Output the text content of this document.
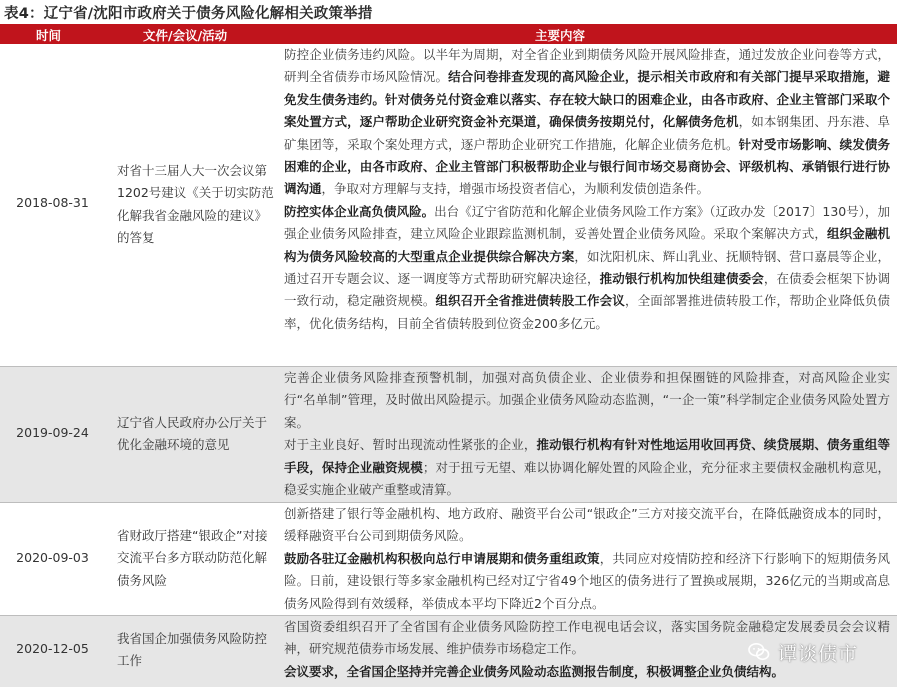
表4：辽宁省/沈阳市政府关于债务风险化解相关政策举措
时间	文件/会议/活动	主要内容
2018-08-31
对省十三届人大一次会议第1202号建议《关于切实防范化解我省金融风险的建议》的答复

防控企业债务违约风险。以半年为周期，对全省企业到期债务风险开展风险排查，通过发放企业问卷等方式，研判全省债券市场风险情况。结合问卷排查发现的高风险企业，提示相关市政府和有关部门提早采取措施，避免发生债务违约。针对债务兑付资金难以落实、存在较大缺口的困难企业，由各市政府、企业主管部门采取个案处置方式，逐户帮助企业研究资金补充渠道，确保债务按期兑付，化解债务危机，如本钢集团、丹东港、阜矿集团等，采取个案处理方式，逐户帮助企业研究工作措施，化解企业债务危机。针对受市场影响、续发债务困难的企业，由各市政府、企业主管部门积极帮助企业与银行间市场交易商协会、评级机构、承销银行进行协调沟通，争取对方理解与支持，增强市场投资者信心，为顺利发债创造条件。

防控实体企业高负债风险。出台《辽宁省防范和化解企业债务风险工作方案》（辽政办发〔2017〕130号），加强企业债务风险排查，建立风险企业跟踪监测机制，妥善处置企业债务风险。采取个案解决方式，组织金融机构为债务风险较高的大型重点企业提供综合解决方案，如沈阳机床、辉山乳业、抚顺特钢、营口嘉晨等企业，通过召开专题会议、逐一调度等方式帮助研究解决途径，推动银行机构加快组建债委会，在债委会框架下协调一致行动，稳定融资规模。组织召开全省推进债转股工作会议，全面部署推进债转股工作，帮助企业降低负债率，优化债务结构，目前全省债转股到位资金200多亿元。

2019-09-24
辽宁省人民政府办公厅关于优化金融环境的意见

完善企业债务风险排查预警机制，加强对高负债企业、企业债券和担保圈链的风险排查，对高风险企业实行“名单制”管理，及时做出风险提示。加强企业债务风险动态监测，“一企一策”科学制定企业债务风险处置方案。

对于主业良好、暂时出现流动性紧张的企业，推动银行机构有针对性地运用收回再贷、续贷展期、债务重组等手段，保持企业融资规模；对于扭亏无望、难以协调化解处置的风险企业，充分征求主要债权金融机构意见，稳妥实施企业破产重整或清算。

2020-09-03
省财政厅搭建“银政企”对接交流平台多方联动防范化解债务风险

创新搭建了银行等金融机构、地方政府、融资平台公司“银政企”三方对接交流平台，在降低融资成本的同时，缓释融资平台公司到期债务风险。

鼓励各驻辽金融机构积极向总行申请展期和债务重组政策，共同应对疫情防控和经济下行影响下的短期债务风险。日前，建设银行等多家金融机构已经对辽宁省49个地区的债务进行了置换或展期，326亿元的当期或高息债务风险得到有效缓释，举债成本平均下降近2个百分点。

2020-12-05
我省国企加强债务风险防控工作

省国资委组织召开了全省国有企业债务风险防控工作电视电话会议，落实国务院金融稳定发展委员会会议精神，研究规范债券市场发展、维护债券市场稳定工作。

会议要求，全省国企坚持并完善企业债务风险动态监测报告制度，积极调整企业负债结构。

谭谈债市
